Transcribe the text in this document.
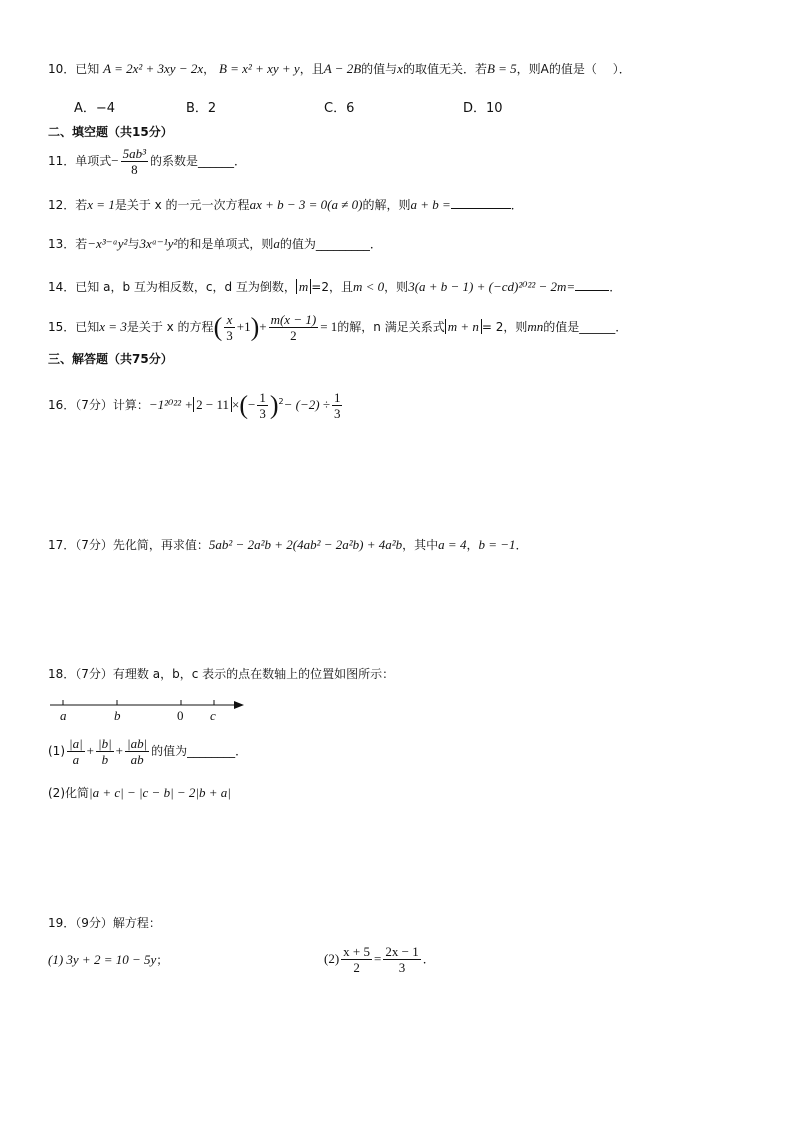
10．已知 A = 2x² + 3xy − 2x， B = x² + xy + y，且A − 2B的值与x的取值无关．若B = 5，则A的值是（　 ）．
A．−4	B．2	C．6	D．10
二、填空题（共15分）
11．单项式− $\frac{\text{5ab³}}{8}$ 的系数是______．
12．若x = 1是关于 x 的一元一次方程ax + b − 3 = 0(a ≠ 0)的解，则a + b =	．
13．若−x³⁻ᵃy²与3xᵃ⁻¹y²的和是单项式，则a的值为_________．
14．已知 a，b 互为相反数，c，d 互为倒数， m =2，且m < 0，则3(a + b − 1) + (−cd)²⁰²² − 2m=	．
15．已知x = 3是关于 x 的方程( $\frac{x}{3} +1)+ \frac{m(x - 1)}{2} = 1$的解，n 满足关系式 m + n = 2，则mn的值是______．
三、解答题（共75分）
16．（7分）计算：−1²⁰²² + 2 − 11 ×(− $\frac{1}{3} )^2- (-2) \div \frac{1}{3}$
17．（7分）先化简，再求值：5ab² − 2a²b + 2(4ab² − 2a²b) + 4a²b，其中a = 4，b = −1．
18．（7分）有理数 a，b，c 表示的点在数轴上的位置如图所示：
a	b	0 c
$(1) \frac{|a|}{a} + \frac{|b|}{b} + \frac{|ab|}{ab}$ 的值为________．
(2)化简|a + c| − |c − b| − 2|b + a|
19．（9分）解方程：
(1) 3y + 2 = 10 − 5y；	$(2) \frac{x + 5}{2} = \frac{2x - 1}{3}$ ．
